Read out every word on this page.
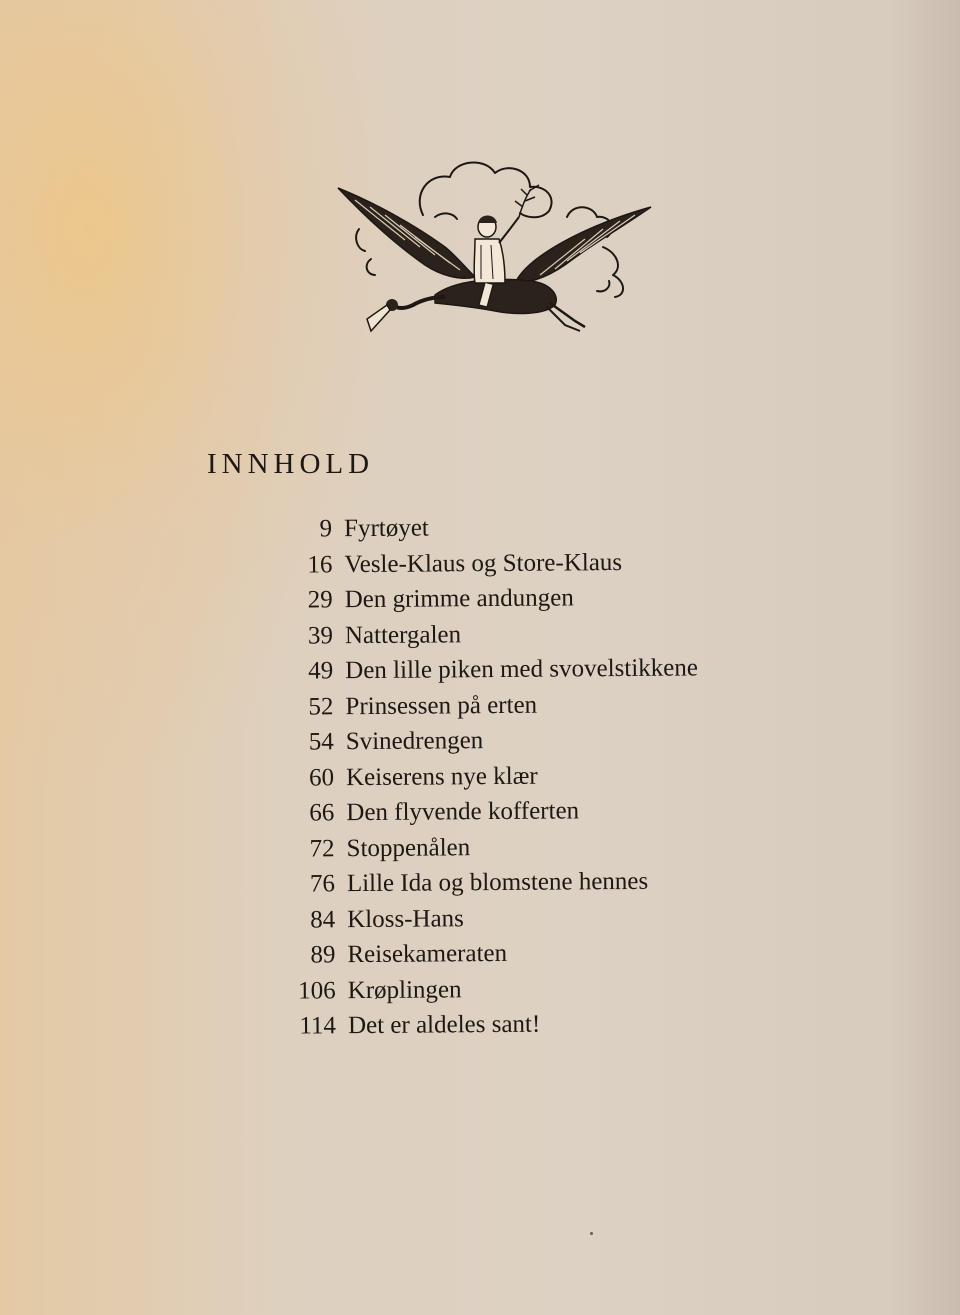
INNHOLD
9 Fyrtøyet
16 Vesle-Klaus og Store-Klaus
29 Den grimme andungen
39 Nattergalen
49 Den lille piken med svovelstikkene
52 Prinsessen på erten
54 Svinedrengen
60 Keiserens nye klær
66 Den flyvende kofferten
72 Stoppenålen
76 Lille Ida og blomstene hennes
84 Kloss-Hans
89 Reisekameraten
106 Krøplingen
114 Det er aldeles sant!
